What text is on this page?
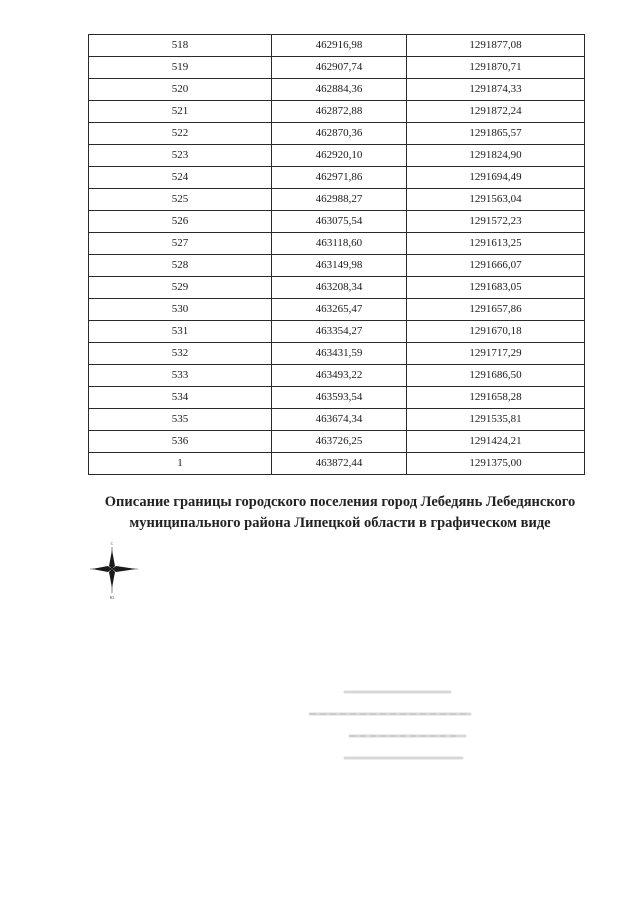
518	462916,98	1291877,08
519	462907,74	1291870,71
520	462884,36	1291874,33
521	462872,88	1291872,24
522	462870,36	1291865,57
523	462920,10	1291824,90
524	462971,86	1291694,49
525	462988,27	1291563,04
526	463075,54	1291572,23
527	463118,60	1291613,25
528	463149,98	1291666,07
529	463208,34	1291683,05
530	463265,47	1291657,86
531	463354,27	1291670,18
532	463431,59	1291717,29
533	463493,22	1291686,50
534	463593,54	1291658,28
535	463674,34	1291535,81
536	463726,25	1291424,21
1	463872,44	1291375,00
Описание границы городского поселения город Лебедянь Лебедянского
муниципального района Липецкой области в графическом виде
С
Ю
